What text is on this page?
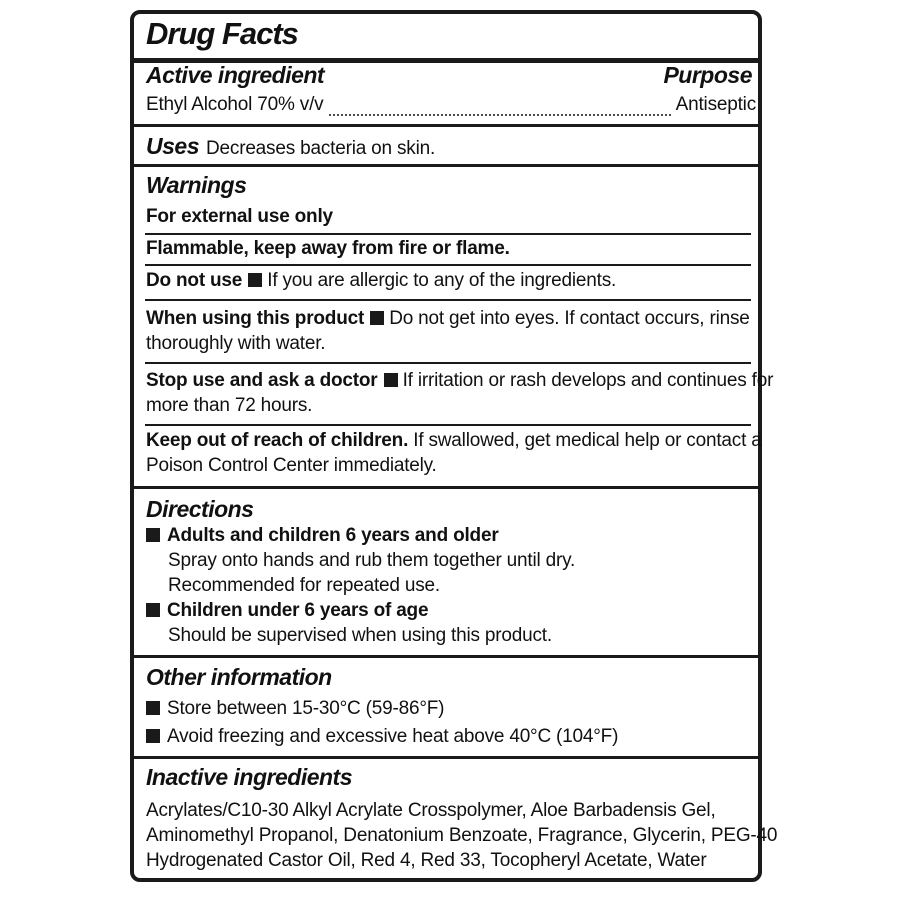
Drug Facts
Active ingredient	Purpose
Ethyl Alcohol 70% v/v	Antiseptic
Uses Decreases bacteria on skin.
Warnings
For external use only
Flammable, keep away from fire or flame.
Do not use If you are allergic to any of the ingredients.
When using this product Do not get into eyes. If contact occurs, rinse
thoroughly with water.
Stop use and ask a doctor If irritation or rash develops and continues for
more than 72 hours.
Keep out of reach of children. If swallowed, get medical help or contact a
Poison Control Center immediately.
Directions
Adults and children 6 years and older
Spray onto hands and rub them together until dry.
Recommended for repeated use.
Children under 6 years of age
Should be supervised when using this product.
Other information
Store between 15-30°C (59-86°F)
Avoid freezing and excessive heat above 40°C (104°F)
Inactive ingredients
Acrylates/C10-30 Alkyl Acrylate Crosspolymer, Aloe Barbadensis Gel,
Aminomethyl Propanol, Denatonium Benzoate, Fragrance, Glycerin, PEG-40
Hydrogenated Castor Oil, Red 4, Red 33, Tocopheryl Acetate, Water
